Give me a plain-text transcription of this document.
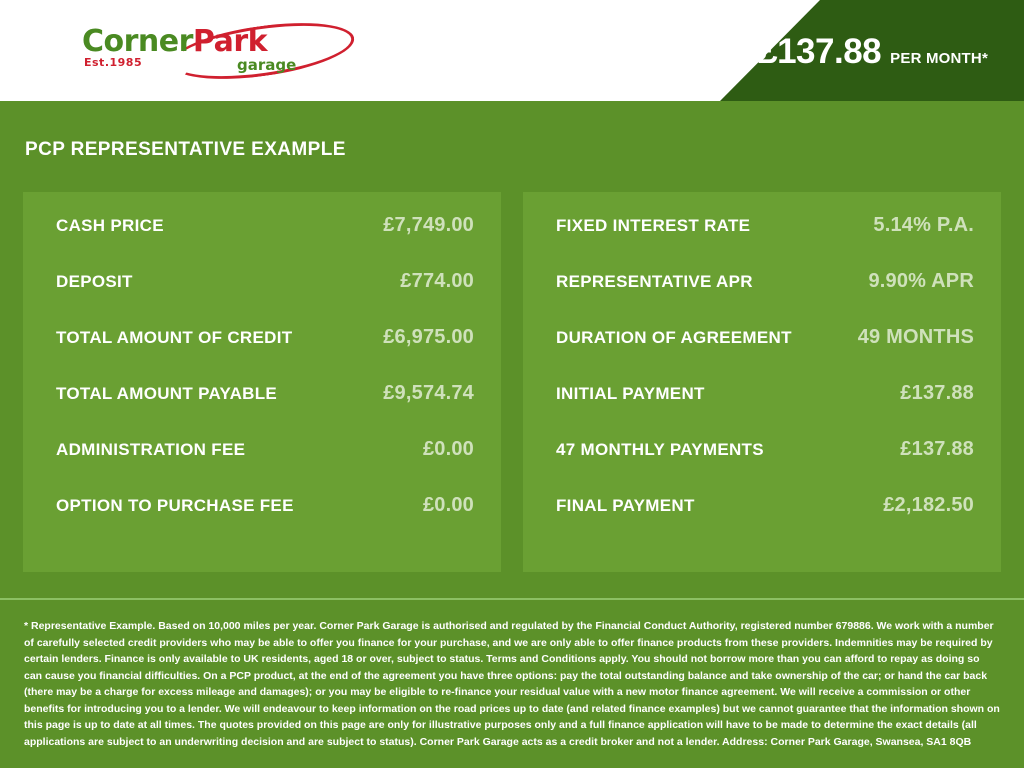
CornerPark
Est.1985	garage	£137.88 PER MONTH*
PCP REPRESENTATIVE EXAMPLE
CASH PRICE	£7,749.00
DEPOSIT	£774.00
TOTAL AMOUNT OF CREDIT	£6,975.00
TOTAL AMOUNT PAYABLE	£9,574.74
ADMINISTRATION FEE	£0.00
OPTION TO PURCHASE FEE	£0.00
FIXED INTEREST RATE	5.14% P.A.
REPRESENTATIVE APR	9.90% APR
DURATION OF AGREEMENT	49 MONTHS
INITIAL PAYMENT	£137.88
47 MONTHLY PAYMENTS	£137.88
FINAL PAYMENT	£2,182.50

* Representative Example. Based on 10,000 miles per year. Corner Park Garage is authorised and regulated by the Financial Conduct Authority, registered number 679886. We work with a number of carefully selected credit providers who may be able to offer you finance for your purchase, and we are only able to offer finance products from these providers. Indemnities may be required by certain lenders. Finance is only available to UK residents, aged 18 or over, subject to status. Terms and Conditions apply. You should not borrow more than you can afford to repay as doing so can cause you financial difficulties. On a PCP product, at the end of the agreement you have three options: pay the total outstanding balance and take ownership of the car; or hand the car back (there may be a charge for excess mileage and damages); or you may be eligible to re-finance your residual value with a new motor finance agreement. We will receive a commission or other benefits for introducing you to a lender. We will endeavour to keep information on the road prices up to date (and related finance examples) but we cannot guarantee that the information shown on this page is up to date at all times. The quotes provided on this page are only for illustrative purposes only and a full finance application will have to be made to determine the exact details (all applications are subject to an underwriting decision and are subject to status). Corner Park Garage acts as a credit broker and not a lender. Address: Corner Park Garage, Swansea, SA1 8QB
